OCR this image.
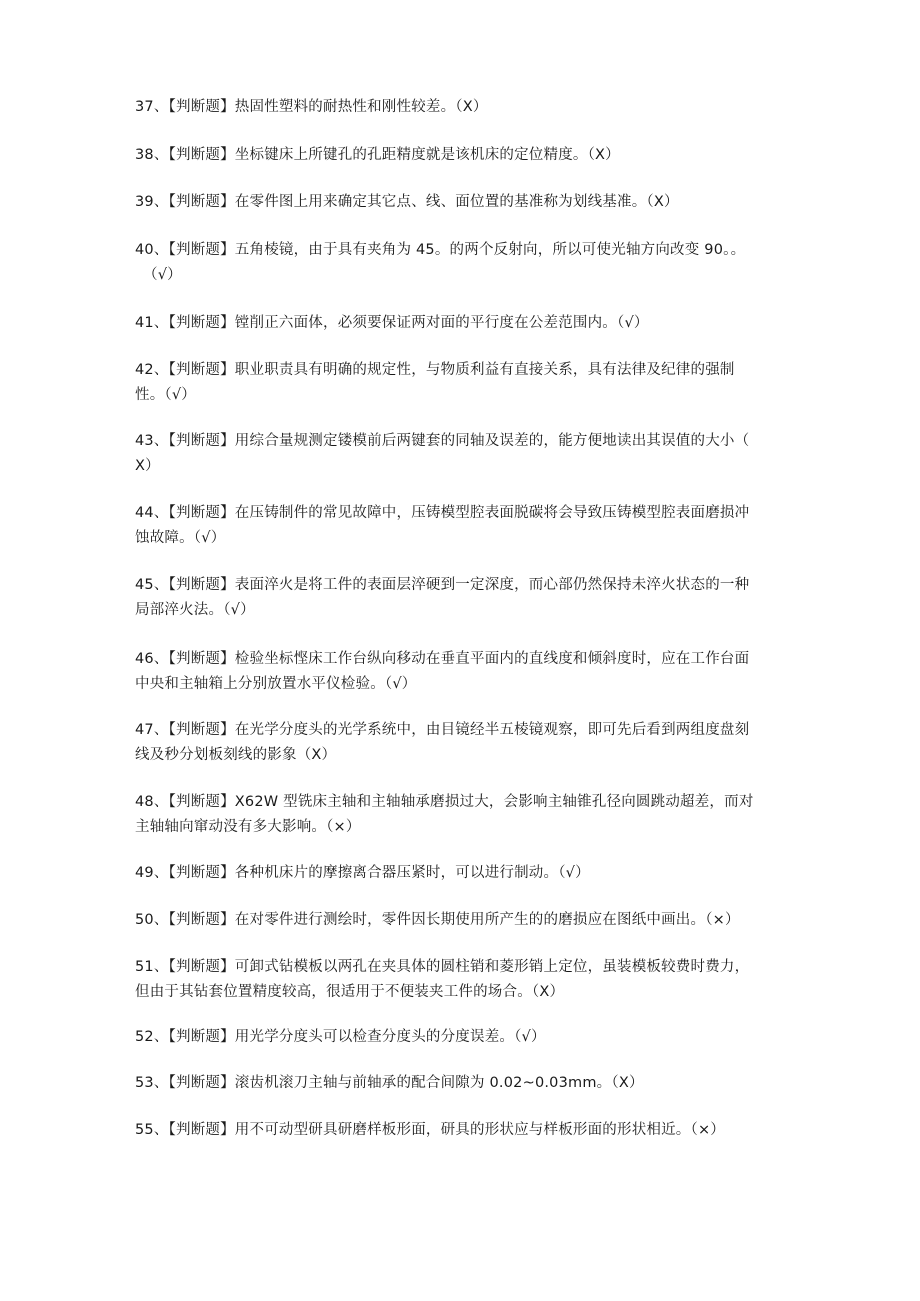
37、【判断题】热固性塑料的耐热性和刚性较差。（X）
38、【判断题】坐标键床上所键孔的孔距精度就是该机床的定位精度。（X）
39、【判断题】在零件图上用来确定其它点、线、面位置的基准称为划线基准。（X）
40、【判断题】五角棱镜，由于具有夹角为 45。的两个反射向，所以可使光轴方向改变 90。。
（√）
41、【判断题】镗削正六面体，必须要保证两对面的平行度在公差范围内。（√）
42、【判断题】职业职责具有明确的规定性，与物质利益有直接关系，具有法律及纪律的强制
性。（√）
43、【判断题】用综合量规测定镂模前后两键套的同轴及误差的，能方便地读出其误值的大小（
X）
44、【判断题】在压铸制件的常见故障中，压铸模型腔表面脱碳将会导致压铸模型腔表面磨损冲
蚀故障。（√）
45、【判断题】表面淬火是将工件的表面层淬硬到一定深度，而心部仍然保持未淬火状态的一种
局部淬火法。（√）
46、【判断题】检验坐标悭床工作台纵向移动在垂直平面内的直线度和倾斜度时，应在工作台面
中央和主轴箱上分别放置水平仪检验。（√）
47、【判断题】在光学分度头的光学系统中，由目镜经半五棱镜观察，即可先后看到两组度盘刻
线及秒分划板刻线的影象（X）
48、【判断题】X62W 型铣床主轴和主轴轴承磨损过大，会影响主轴锥孔径向圆跳动超差，而对
主轴轴向窜动没有多大影响。（×）
49、【判断题】各种机床片的摩擦离合器压紧时，可以进行制动。（√）
50、【判断题】在对零件进行测绘时，零件因长期使用所产生的的磨损应在图纸中画出。（×）
51、【判断题】可卸式钻模板以两孔在夹具体的圆柱销和菱形销上定位，虽装模板较费时费力，
但由于其钻套位置精度较高，很适用于不便装夹工件的场合。（X）
52、【判断题】用光学分度头可以检查分度头的分度误差。（√）
53、【判断题】滚齿机滚刀主轴与前轴承的配合间隙为 0.02~0.03mm。（X）
55、【判断题】用不可动型研具研磨样板形面，研具的形状应与样板形面的形状相近。（×）
